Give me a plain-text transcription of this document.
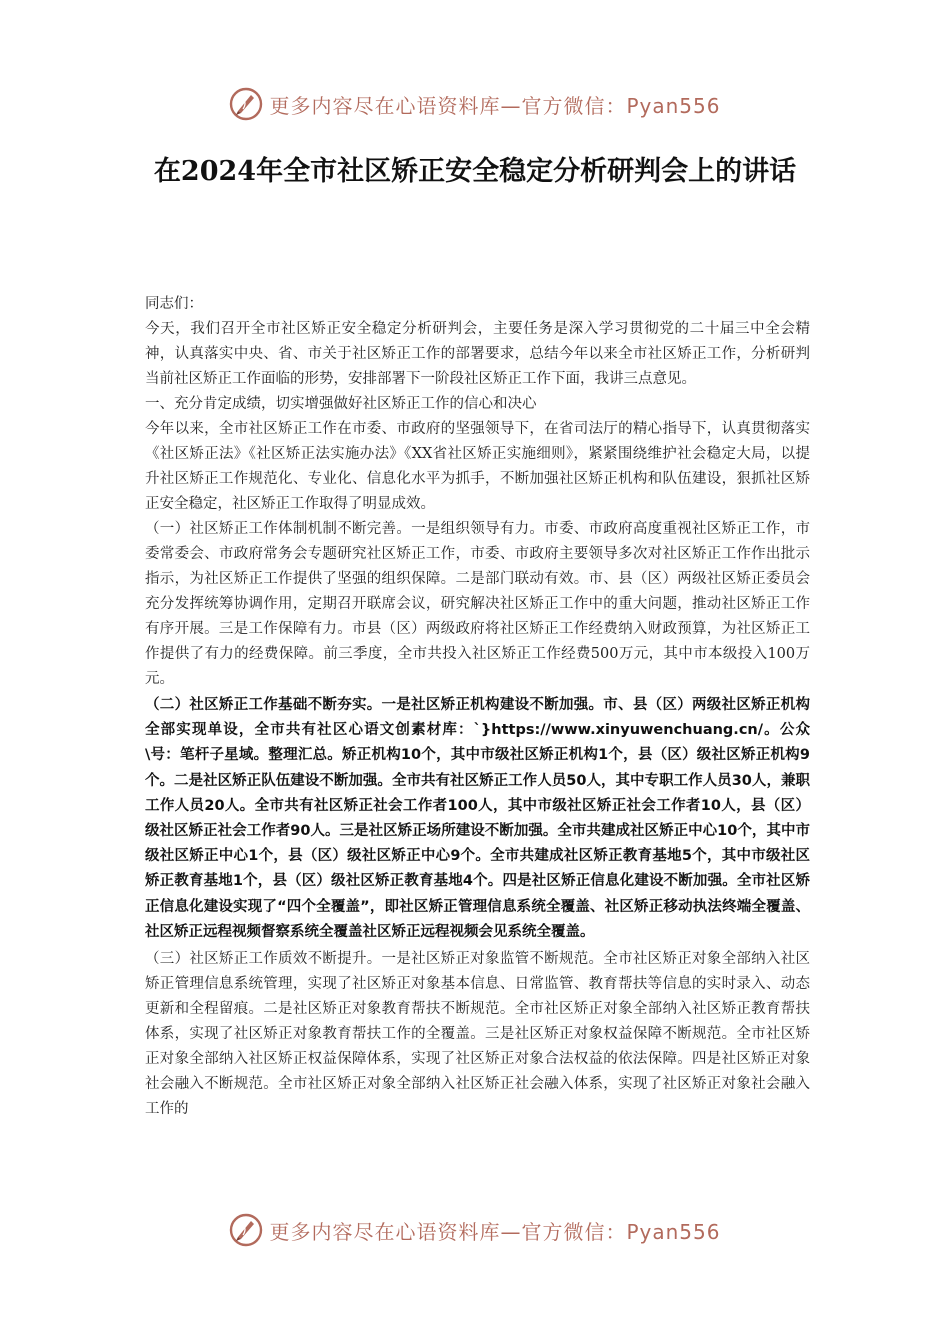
更多内容尽在心语资料库—官方微信：Pyan556
在2024年全市社区矫正安全稳定分析研判会上的讲话

同志们：

今天，我们召开全市社区矫正安全稳定分析研判会，主要任务是深入学习贯彻党的二十届三中全会精神，认真落实中央、省、市关于社区矫正工作的部署要求，总结今年以来全市社区矫正工作，分析研判当前社区矫正工作面临的形势，安排部署下一阶段社区矫正工作下面，我讲三点意见。

一、充分肯定成绩，切实增强做好社区矫正工作的信心和决心

今年以来，全市社区矫正工作在市委、市政府的坚强领导下，在省司法厅的精心指导下，认真贯彻落实《社区矫正法》《社区矫正法实施办法》《XX省社区矫正实施细则》，紧紧围绕维护社会稳定大局，以提升社区矫正工作规范化、专业化、信息化水平为抓手，不断加强社区矫正机构和队伍建设，狠抓社区矫正安全稳定，社区矫正工作取得了明显成效。

（一）社区矫正工作体制机制不断完善。一是组织领导有力。市委、市政府高度重视社区矫正工作，市委常委会、市政府常务会专题研究社区矫正工作，市委、市政府主要领导多次对社区矫正工作作出批示指示，为社区矫正工作提供了坚强的组织保障。二是部门联动有效。市、县（区）两级社区矫正委员会充分发挥统筹协调作用，定期召开联席会议，研究解决社区矫正工作中的重大问题，推动社区矫正工作有序开展。三是工作保障有力。市县（区）两级政府将社区矫正工作经费纳入财政预算，为社区矫正工作提供了有力的经费保障。前三季度，全市共投入社区矫正工作经费500万元，其中市本级投入100万元。

（二）社区矫正工作基础不断夯实。一是社区矫正机构建设不断加强。市、县（区）两级社区矫正机构全部实现单设，全市共有社区心语文创素材库：`}https://www.xinyuwenchuang.cn/。公众\号：笔杆子星域。整理汇总。矫正机构10个，其中市级社区矫正机构1个，县（区）级社区矫正机构9个。二是社区矫正队伍建设不断加强。全市共有社区矫正工作人员50人，其中专职工作人员30人，兼职工作人员20人。全市共有社区矫正社会工作者100人，其中市级社区矫正社会工作者10人，县（区）级社区矫正社会工作者90人。三是社区矫正场所建设不断加强。全市共建成社区矫正中心10个，其中市级社区矫正中心1个，县（区）级社区矫正中心9个。全市共建成社区矫正教育基地5个，其中市级社区矫正教育基地1个，县（区）级社区矫正教育基地4个。四是社区矫正信息化建设不断加强。全市社区矫正信息化建设实现了“四个全覆盖”，即社区矫正管理信息系统全覆盖、社区矫正移动执法终端全覆盖、社区矫正远程视频督察系统全覆盖社区矫正远程视频会见系统全覆盖。

（三）社区矫正工作质效不断提升。一是社区矫正对象监管不断规范。全市社区矫正对象全部纳入社区矫正管理信息系统管理，实现了社区矫正对象基本信息、日常监管、教育帮扶等信息的实时录入、动态更新和全程留痕。二是社区矫正对象教育帮扶不断规范。全市社区矫正对象全部纳入社区矫正教育帮扶体系，实现了社区矫正对象教育帮扶工作的全覆盖。三是社区矫正对象权益保障不断规范。全市社区矫正对象全部纳入社区矫正权益保障体系，实现了社区矫正对象合法权益的依法保障。四是社区矫正对象社会融入不断规范。全市社区矫正对象全部纳入社区矫正社会融入体系，实现了社区矫正对象社会融入工作的

更多内容尽在心语资料库—官方微信：Pyan556
